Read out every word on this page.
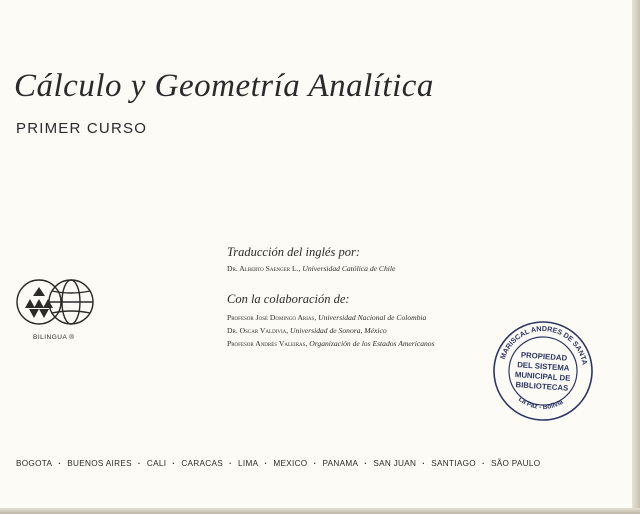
Cálculo y Geometría Analítica
PRIMER CURSO
Traducción del inglés por:
Dr. Alberto Saenger L., Universidad Católica de Chile
Con la colaboración de:
Profesor José Domingo Arias, Universidad Nacional de Colombia
Dr. Oscar Valdivia, Universidad de Sonora, México
Profesor Andrés Valeiras, Organización de los Estados Americanos
BILINGUA ®
MARISCAL ANDRES DE SANTA
La Paz - Bolivia
PROPIEDAD
DEL SISTEMA
MUNICIPAL DE
BIBLIOTECAS
BOGOTA	· BUENOS AIRES	· CALI	· CARACAS	· LIMA	· MEXICO	· PANAMA	· SAN JUAN	· SANTIAGO	· SÃO PAULO
